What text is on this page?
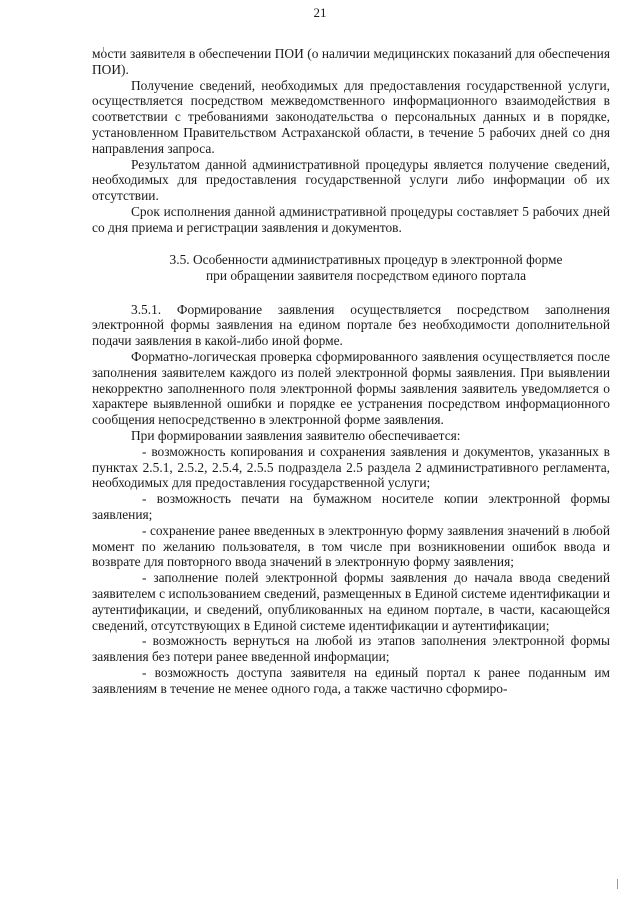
21

мости заявителя в обеспечении ПОИ (о наличии медицинских показаний для обеспечения ПОИ).

Получение сведений, необходимых для предоставления государственной услуги, осуществляется посредством межведомственного информационного взаимодействия в соответствии с требованиями законодательства о персональных данных и в порядке, установленном Правительством Астраханской области, в течение 5 рабочих дней со дня направления запроса.

Результатом данной административной процедуры является получение сведений, необходимых для предоставления государственной услуги либо информации об их отсутствии.

Срок исполнения данной административной процедуры составляет 5 рабочих дней со дня приема и регистрации заявления и документов.

3.5. Особенности административных процедур в электронной форме
при обращении заявителя посредством единого портала

3.5.1. Формирование заявления осуществляется посредством заполнения электронной формы заявления на едином портале без необходимости дополнительной подачи заявления в какой-либо иной форме.

Форматно-логическая проверка сформированного заявления осуществляется после заполнения заявителем каждого из полей электронной формы заявления. При выявлении некорректно заполненного поля электронной формы заявления заявитель уведомляется о характере выявленной ошибки и порядке ее устранения посредством информационного сообщения непосредственно в электронной форме заявления.

При формировании заявления заявителю обеспечивается:

- возможность копирования и сохранения заявления и документов, указанных в пунктах 2.5.1, 2.5.2, 2.5.4, 2.5.5 подраздела 2.5 раздела 2 административного регламента, необходимых для предоставления государственной услуги;

- возможность печати на бумажном носителе копии электронной формы заявления;

- сохранение ранее введенных в электронную форму заявления значений в любой момент по желанию пользователя, в том числе при возникновении ошибок ввода и возврате для повторного ввода значений в электронную форму заявления;

- заполнение полей электронной формы заявления до начала ввода сведений заявителем с использованием сведений, размещенных в Единой системе идентификации и аутентификации, и сведений, опубликованных на едином портале, в части, касающейся сведений, отсутствующих в Единой системе идентификации и аутентификации;

- возможность вернуться на любой из этапов заполнения электронной формы заявления без потери ранее введенной информации;

- возможность доступа заявителя на единый портал к ранее поданным им заявлениям в течение не менее одного года, а также частично сформиро-
